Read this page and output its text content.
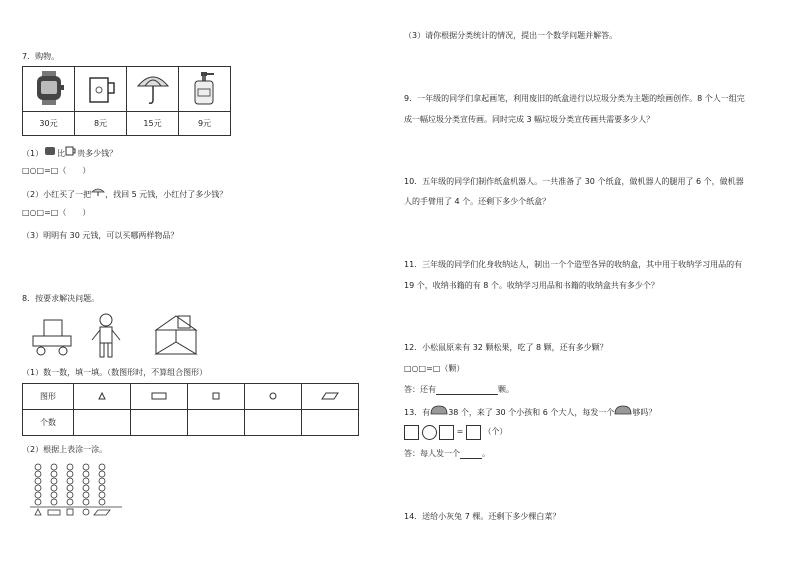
7．购物。

30元	8元	15元	9元
（1） 比 贵多少钱？
□○□=□（　　）
（2）小红买了一把 ，找回 5 元钱，小红付了多少钱？
□○□=□（　　）
（3）明明有 30 元钱，可以买哪两样物品？
8．按要求解决问题。
（1）数一数，填一填。（数图形时，不算组合图形）
图形					
个数					
（2）根据上表涂一涂。
（3）请你根据分类统计的情况，提出一个数学问题并解答。
9．一年级的同学们拿起画笔，利用废旧的纸盒进行以垃圾分类为主题的绘画创作。8 个人一组完
成一幅垃圾分类宣传画。同时完成 3 幅垃圾分类宣传画共需要多少人？
10．五年级的同学们制作纸盒机器人。一共准备了 30 个纸盒，做机器人的腿用了 6 个，做机器
人的手臂用了 4 个。还剩下多少个纸盒？
11．三年级的同学们化身收纳达人，制出一个个造型各异的收纳盒，其中用于收纳学习用品的有
19 个，收纳书籍的有 8 个。收纳学习用品和书籍的收纳盒共有多少个？
12．小松鼠原来有 32 颗松果，吃了 8 颗，还有多少颗？
□○□=□（颗）
答：还有	颗。
13．有 38 个，来了 30 个小孩和 6 个大人，每发一个 够吗？
=	（个）
答：每人发一个	。
14．送给小灰兔 7 棵。还剩下多少棵白菜？
